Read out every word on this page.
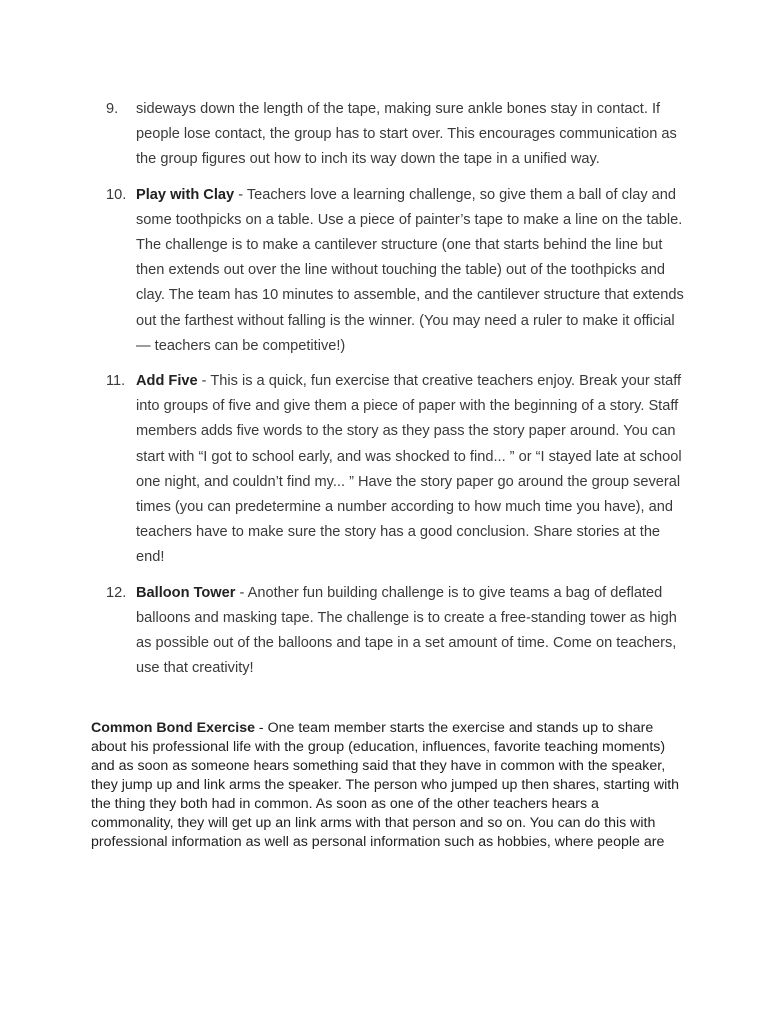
9.	sideways down the length of the tape, making sure ankle bones stay in contact. If people lose contact, the group has to start over. This encourages communication as the group figures out how to inch its way down the tape in a unified way.
10. Play with Clay - Teachers love a learning challenge, so give them a ball of clay and some toothpicks on a table. Use a piece of painter’s tape to make a line on the table. The challenge is to make a cantilever structure (one that starts behind the line but then extends out over the line without touching the table) out of the toothpicks and clay. The team has 10 minutes to assemble, and the cantilever structure that extends out the farthest without falling is the winner. (You may need a ruler to make it official — teachers can be competitive!)
11. Add Five - This is a quick, fun exercise that creative teachers enjoy. Break your staff into groups of five and give them a piece of paper with the beginning of a story. Staff members adds five words to the story as they pass the story paper around. You can start with “I got to school early, and was shocked to find... ” or “I stayed late at school one night, and couldn’t find my... ” Have the story paper go around the group several times (you can predetermine a number according to how much time you have), and teachers have to make sure the story has a good conclusion. Share stories at the end!
12. Balloon Tower - Another fun building challenge is to give teams a bag of deflated balloons and masking tape. The challenge is to create a free-standing tower as high as possible out of the balloons and tape in a set amount of time. Come on teachers, use that creativity!
Common Bond Exercise - One team member starts the exercise and stands up to share about his professional life with the group (education, influences, favorite teaching moments) and as soon as someone hears something said that they have in common with the speaker, they jump up and link arms the speaker. The person who jumped up then shares, starting with the thing they both had in common. As soon as one of the other teachers hears a commonality, they will get up an link arms with that person and so on. You can do this with professional information as well as personal information such as hobbies, where people are
